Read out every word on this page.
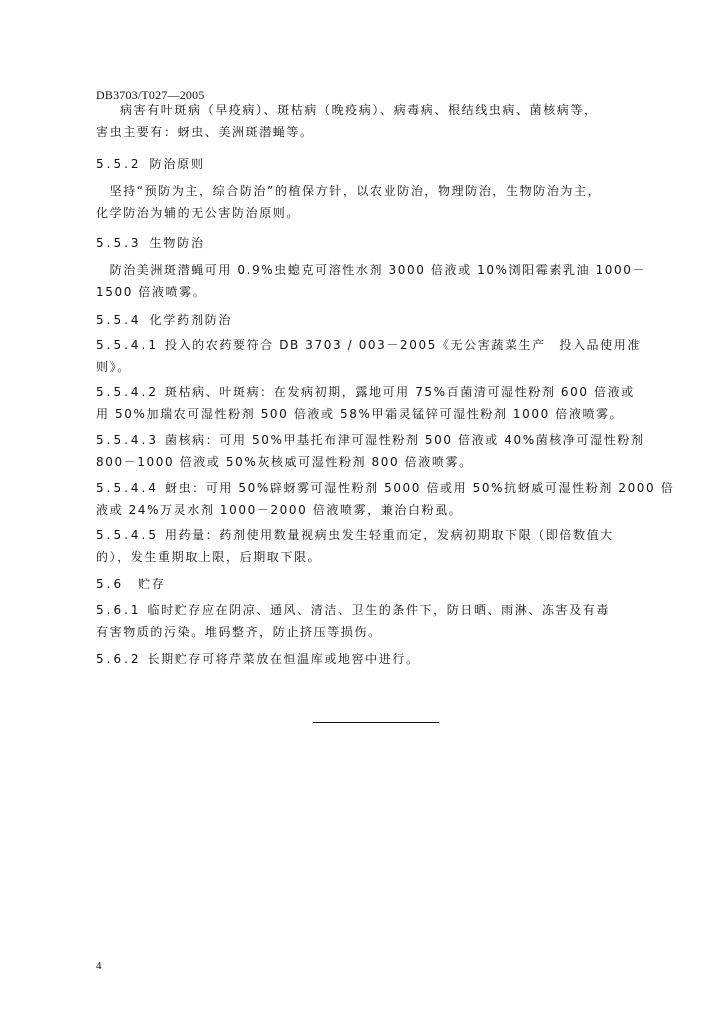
DB3703/T027—2005
病害有叶斑病（早疫病）、斑枯病（晚疫病）、病毒病、根结线虫病、菌核病等，
害虫主要有：蚜虫、美洲斑潜蝇等。
5.5.2 防治原则
　坚持“预防为主，综合防治”的植保方针，以农业防治，物理防治，生物防治为主，
化学防治为辅的无公害防治原则。
5.5.3 生物防治
　防治美洲斑潜蝇可用 0.9%虫螅克可溶性水剂 3000 倍液或 10%浏阳霉素乳油 1000－
1500 倍液喷雾。
5.5.4 化学药剂防治
5.5.4.1 投入的农药要符合 DB 3703 / 003－2005《无公害蔬菜生产　投入品使用准
则》。
5.5.4.2 斑枯病、叶斑病：在发病初期，露地可用 75%百菌清可湿性粉剂 600 倍液或
用 50%加瑞农可湿性粉剂 500 倍液或 58%甲霜灵锰锌可湿性粉剂 1000 倍液喷雾。
5.5.4.3 菌核病：可用 50%甲基托布津可湿性粉剂 500 倍液或 40%菌核净可湿性粉剂
800－1000 倍液或 50%灰核威可湿性粉剂 800 倍液喷雾。
5.5.4.4 蚜虫：可用 50%辟蚜雾可湿性粉剂 5000 倍或用 50%抗蚜威可湿性粉剂 2000 倍
液或 24%万灵水剂 1000－2000 倍液喷雾，兼治白粉虱。
5.5.4.5 用药量：药剂使用数量视病虫发生轻重而定，发病初期取下限（即倍数值大
的），发生重期取上限，后期取下限。
5.6 贮存
5.6.1 临时贮存应在阴凉、通风、清洁、卫生的条件下，防日晒、雨淋、冻害及有毒
有害物质的污染。堆码整齐，防止挤压等损伤。
5.6.2 长期贮存可将芹菜放在恒温库或地窖中进行。
4
